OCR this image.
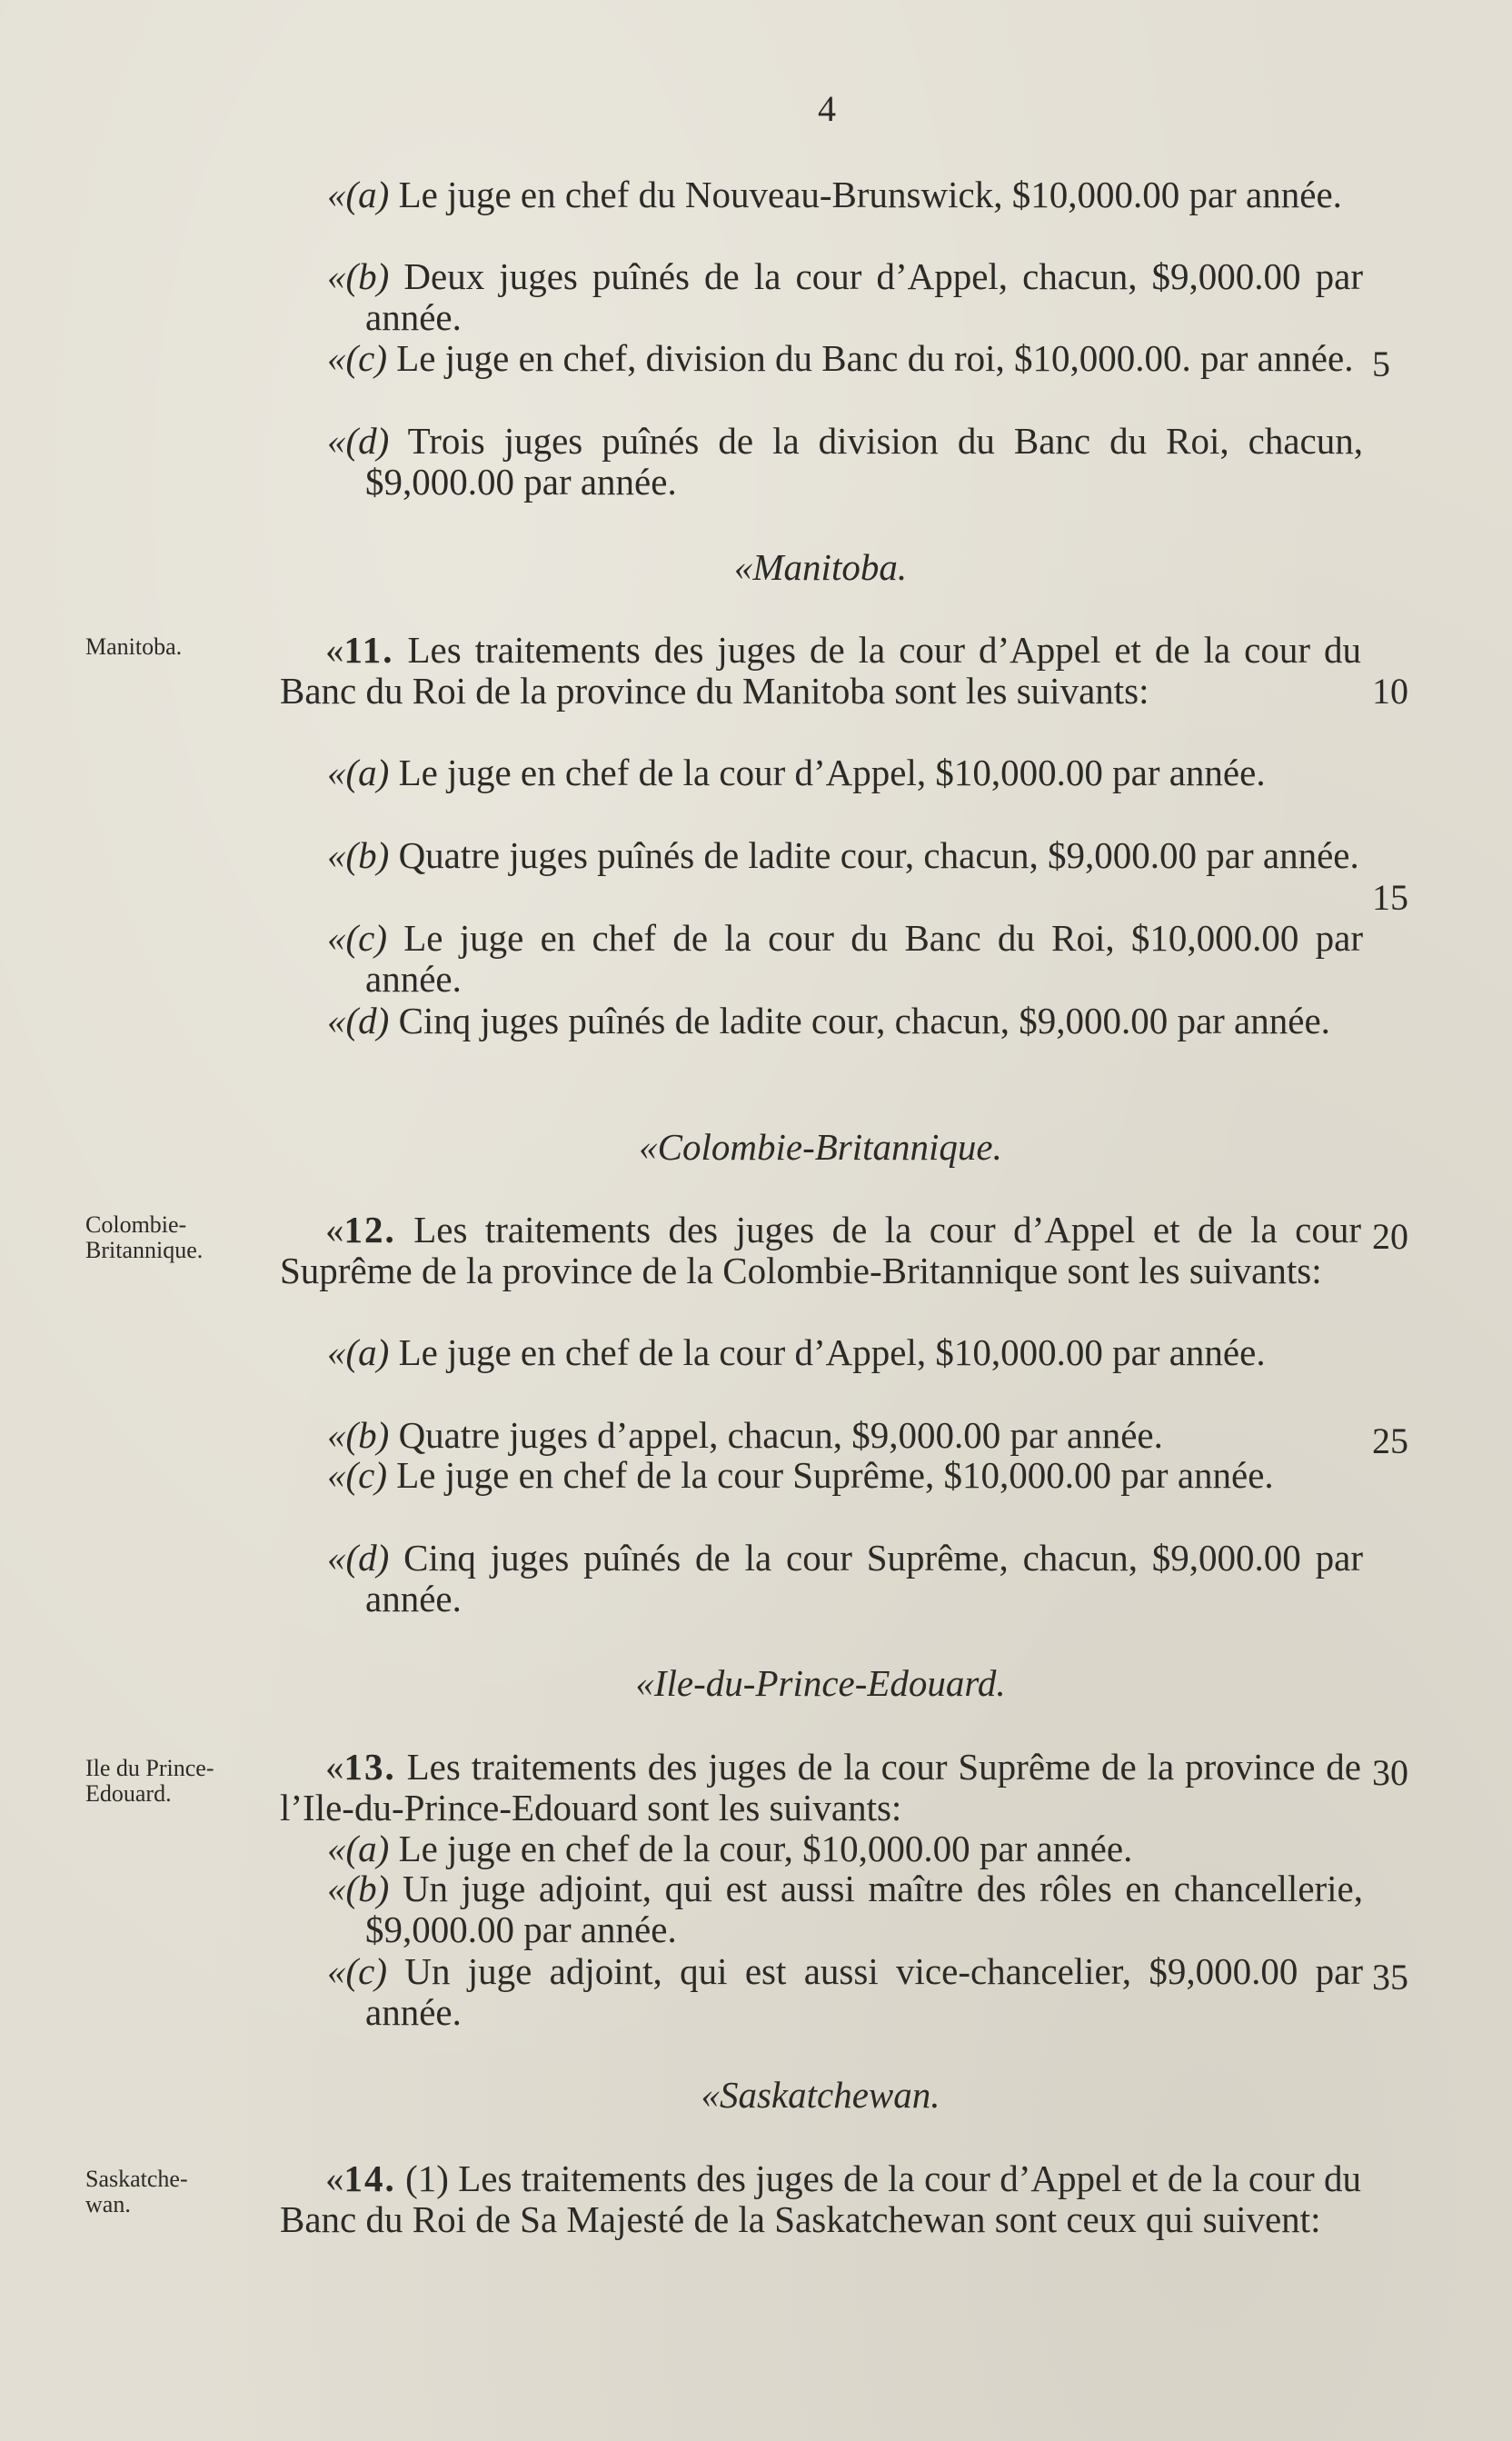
4
«(a) Le juge en chef du Nouveau-Brunswick, $10,000.00 par année.
«(b) Deux juges puînés de la cour d’Appel, chacun, $9,000.00 par année.
«(c) Le juge en chef, division du Banc du roi, $10,000.00. par année.
«(d) Trois juges puînés de la division du Banc du Roi, chacun, $9,000.00 par année.
«Manitoba.
Manitoba.	«11. Les traitements des juges de la cour d’Appel et de la cour du Banc du Roi de la province du Manitoba sont les suivants:
«(a) Le juge en chef de la cour d’Appel, $10,000.00 par année.
«(b) Quatre juges puînés de ladite cour, chacun, $9,000.00 par année.
«(c) Le juge en chef de la cour du Banc du Roi, $10,000.00 par année.
«(d) Cinq juges puînés de ladite cour, chacun, $9,000.00 par année.
«Colombie-Britannique.
Colombie-
Britannique.	«12. Les traitements des juges de la cour d’Appel et de la cour Suprême de la province de la Colombie-Britannique sont les suivants:
«(a) Le juge en chef de la cour d’Appel, $10,000.00 par année.
«(b) Quatre juges d’appel, chacun, $9,000.00 par année.
«(c) Le juge en chef de la cour Suprême, $10,000.00 par année.
«(d) Cinq juges puînés de la cour Suprême, chacun, $9,000.00 par année.
«Ile-du-Prince-Edouard.
Ile du Prince-
Edouard.
«13. Les traitements des juges de la cour Suprême de la province de l’Ile-du-Prince-Edouard sont les suivants:
«(a) Le juge en chef de la cour, $10,000.00 par année.
«(b) Un juge adjoint, qui est aussi maître des rôles en chancellerie, $9,000.00 par année.
«(c) Un juge adjoint, qui est aussi vice-chancelier, $9,000.00 par année.
«Saskatchewan.
Saskatche-
wan.
«14. (1) Les traitements des juges de la cour d’Appel et de la cour du Banc du Roi de Sa Majesté de la Saskatchewan sont ceux qui suivent:
5
10
15
20
25
30
35
